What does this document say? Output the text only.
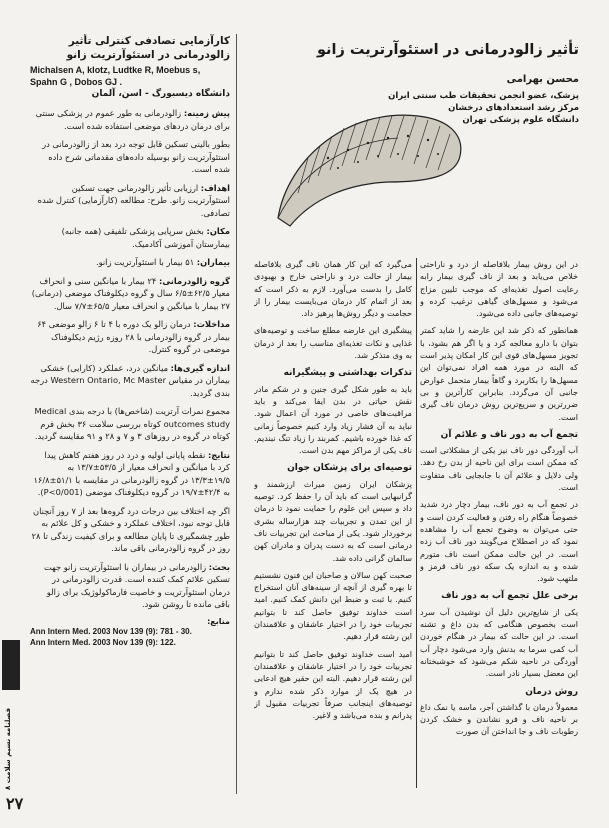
کارآزمایی تصادفی کنترلی تأثیر زالودرمانی در استئوآرتریت زانو
Michalsen A, klotz, Ludtke R, Moebus s, Spahn G , Dobos GJ .
دانشگاه دیسبورگ - اسن، آلمان

پیش زمینه: زالودرمانی به طور عموم در پزشکی سنتی برای درمان دردهای موضعی استفاده شده است.

بطور بالینی تسکین قابل توجه درد بعد از زالودرمانی در استئوآرتریت زانو بوسیله داده‌های مقدماتی شرح داده شده است.

اهداف: ارزیابی تأثیر زالودرمانی جهت تسکین استئوآرتریت زانو. طرح: مطالعه (کارآزمایی) کنترل شده تصادفی.

مکان: بخش سرپایی پزشکی تلفیقی (همه جانبه) بیمارستان آموزشی آکادمیک.

بیماران: ۵۱ بیمار با استئوآرتریت زانو.

گروه زالودرمانی: ۲۴ بیمار با میانگین سنی و انحراف معیار ۶۲/۵±۶/۵ سال و گروه دیکلوفناک موضعی (درمانی) ۲۷ بیمار با میانگین و انحراف معیار ۶۵/۵±۷/۷ سال.

مداخلات: درمان زالو یک دوره با ۴ تا ۶ زالو موضعی ۶۴ بیمار در گروه زالودرمانی با ۲۸ روزه رژیم دیکلوفناک موضعی در گروه کنترل.

اندازه گیری‌ها: میانگین درد، عملکرد (کارایی) خشکی بیماران در مقیاس Western Ontario, Mc Master درجه بندی گردید.

مجموع نمرات آرتریت (شاخص‌ها) با درجه بندی Medical outcomes study کوتاه بررسی سلامت ۳۶ بخش فرم کوتاه در گروه در روزهای ۳ و ۷ و ۲۸ و ۹۱ مقایسه گردید.

نتایج: نقطه پایانی اولیه و درد در روز هفتم کاهش پیدا کرد با میانگین و انحراف معیار از ۵۳/۵±۱۳/۷ به ۱۹/۵±۱۳/۳ در گروه زالودرمانی در مقایسه با ۵۱/۱±۱۶/۸ به ۴۲/۴±۱۹/۷ در گروه دیکلوفناک موضعی (P<0/001).

اگر چه اختلاف بین درجات درد گروه‌ها بعد از ۷ روز آنچنان قابل توجه نبود، اختلاف عملکرد و خشکی و کل علائم به طور چشمگیری تا پایان مطالعه و برای کیفیت زندگی تا ۲۸ روز در گروه زالودرمانی باقی ماند.

بحث: زالودرمانی در بیماران با استئوآرتریت زانو جهت تسکین علائم کمک کننده است. قدرت زالودرمانی در درمان استئوآرتریت و خاصیت فارماکولوژیک برای زالو باقی مانده تا روشن شود.

منابع:
Ann Intern Med. 2003 Nov 139 (9): 781 - 30.
Ann Intern Med. 2003 Nov 139 (9): 122.
فصلنامه نسیم سلامت ۸
۲۷
تأثیر زالودرمانی در استئوآرتریت زانو
محسن بهرامی
پزشک، عضو انجمن تحقیقات طب سنتی ایران
مرکز رشد استعدادهای درخشان
دانشگاه علوم پزشکی تهران

در این روش بیمار بلافاصله از درد و ناراحتی خلاص می‌یابد و بعد از ناف گیری بیمار رابه رعایت اصول تغذیه‌ای که موجب تلیین مزاج می‌شود و مسهل‌های گیاهی ترغیب کرده و توصیه‌های جانبی داده می‌شود.

همانطور که ذکر شد این عارضه را شاید کمتر بتوان با دارو معالجه کرد و یا اگر هم بشود، با تجویز مسهل‌های قوی این کار امکان پذیر است که البته در مورد همه افراد نمی‌توان این مسهل‌ها را بکاربرد و گاهاً بیمار متحمل عوارض جانبی آن می‌گردد. بنابراین کارآترین و بی ضررترین و سریع‌ترین روش درمان ناف گیری است.

تجمع آب به دور ناف و علائم آن

آب آوردگی دور ناف نیز یکی از مشکلاتی است که ممکن است برای این ناحیه از بدن رخ دهد. ولی دلایل و علائم آن با جابجایی ناف متفاوت است.

در تجمع آب به دور ناف، بیمار دچار درد شدید خصوصاً هنگام راه رفتن و فعالیت کردن است و حتی می‌توان به وضوح تجمع آب را مشاهده نمود که در اصطلاح می‌گویند دور ناف آب زده است. در این حالت ممکن است ناف متورم شده و به اندازه یک سکه دور ناف قرمز و ملتهب شود.

برخی علل تجمع آب به دور ناف

یکی از شایع‌ترین دلیل آن نوشیدن آب سرد است بخصوص هنگامی که بدن داغ و تشنه است. در این حالت که بیمار در هنگام خوردن آب کمی سرما به بدنش وارد می‌شود دچار آب آوردگی در ناحیه شکم می‌شود که خوشبختانه این معضل بسیار نادر است.

روش درمان

معمولاً درمان با گذاشتن آجر، ماسه یا نمک داغ بر ناحیه ناف و فرو نشاندن و خشک کردن رطوبات ناف و جا انداختن آن صورت

می‌گیرد که این کار همان ناف گیری بلافاصله بیمار از حالت درد و ناراحتی خارج و بهبودی کامل را بدست می‌آورد. لازم به ذکر است که بعد از اتمام کار درمان می‌بایست بیمار را از حجامت و دیگر روش‌ها پرهیز داد.

پیشگیری این عارضه مطلع ساخت و توصیه‌های غذایی و نکات تغذیه‌ای مناسب را بعد از درمان به وی متذکر شد.

تذکرات بهداشتی و پیشگیرانه

باید به طور شکل گیری جنین و در شکم مادر نقش حیاتی در بدن ایفا می‌کند و باید مراقبت‌های خاصی در مورد آن اعمال شود. نباید به آن فشار زیاد وارد کنیم خصوصاً زمانی که غذا خورده باشیم. کمربند را زیاد تنگ نبندیم. ناف یکی از مراکز مهم بدن است.

توصیه‌ای برای پزشکان جوان

پزشکان ایران زمین میراث ارزشمند و گرانبهایی است که باید آن را حفظ کرد. توصیه داد و سپس این علوم را حمایت نمود تا درمان از این تمدن و تجربیات چند هزارساله بشری برخوردار شود. یکی از مباحث این تجربیات ناف درمانی است که به دست پدران و مادران کهن سالمان گرانی داده شد.

صحبت کهن سالان و صاحبان این فنون نشستیم تا بهره گیری از آنچه از سینه‌های آنان استخراج کنیم. با ثبت و ضبط این دانش کمک کنیم. امید است خداوند توفیق حاصل کند تا بتوانیم تجربیات خود را در اختیار عاشقان و علاقمندان این رشته قرار دهیم.

امید است خداوند توفیق حاصل کند تا بتوانیم تجربیات خود را در اختیار عاشقان و علاقمندان این رشته قرار دهیم. البته این حقیر هیچ ادعایی در هیچ یک از موارد ذکر شده ندارم و توصیه‌های اینجانب صرفاً تجربیات مقبول از پدرانم و بنده می‌باشد و لاغیر.
